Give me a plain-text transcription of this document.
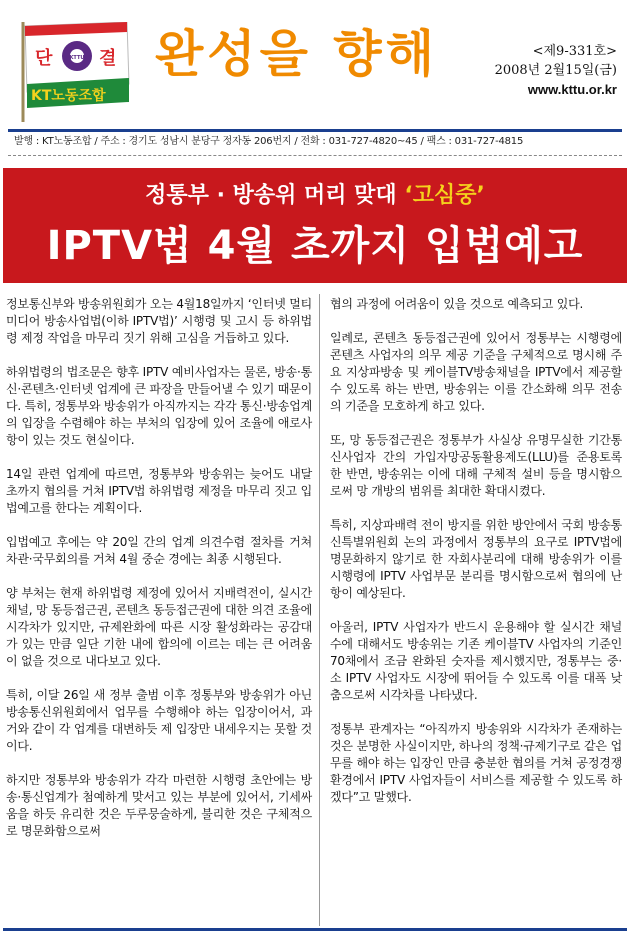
KTTU
단	결
KT노동조합
완성을 향해	<제9-331호>
2008년 2월15일(금)
www.kttu.or.kr
발행 : KT노동조합 / 주소 : 경기도 성남시 분당구 정자동 206번지 / 전화 : 031-727-4820~45 / 팩스 : 031-727-4815
정통부 · 방송위 머리 맞대 ‘고심중’
IPTV법 4월 초까지 입법예고

정보통신부와 방송위원회가 오는 4월18일까지 ‘인터넷 멀티미디어 방송사업법(이하 IPTV법)’ 시행령 및 고시 등 하위법령 제정 작업을 마무리 짓기 위해 고심을 거듭하고 있다.

하위법령의 법조문은 향후 IPTV 예비사업자는 물론, 방송·통신·콘텐츠·인터넷 업계에 큰 파장을 만들어낼 수 있기 때문이다. 특히, 정통부와 방송위가 아직까지는 각각 통신·방송업계의 입장을 수렴해야 하는 부처의 입장에 있어 조율에 애로사항이 있는 것도 현실이다.

14일 관련 업계에 따르면, 정통부와 방송위는 늦어도 내달 초까지 협의를 거쳐 IPTV법 하위법령 제정을 마무리 짓고 입법예고를 한다는 계획이다.

입법예고 후에는 약 20일 간의 업계 의견수렴 절차를 거쳐 차관·국무회의를 거쳐 4월 중순 경에는 최종 시행된다.

양 부처는 현재 하위법령 제정에 있어서 지배력전이, 실시간채널, 망 동등접근권, 콘텐츠 동등접근권에 대한 의견 조율에 시각차가 있지만, 규제완화에 따른 시장 활성화라는 공감대가 있는 만큼 일단 기한 내에 합의에 이르는 데는 큰 어려움이 없을 것으로 내다보고 있다.

특히, 이달 26일 새 정부 출범 이후 정통부와 방송위가 아닌 방송통신위원회에서 업무를 수행해야 하는 입장이어서, 과거와 같이 각 업계를 대변하듯 제 입장만 내세우지는 못할 것이다.

하지만 정통부와 방송위가 각각 마련한 시행령 초안에는 방송·통신업계가 첨예하게 맞서고 있는 부분에 있어서, 기세싸움을 하듯 유리한 것은 두루뭉술하게, 불리한 것은 구체적으로 명문화함으로써

협의 과정에 어려움이 있을 것으로 예측되고 있다.

일례로, 콘텐츠 동등접근권에 있어서 정통부는 시행령에 콘텐츠 사업자의 의무 제공 기준을 구체적으로 명시해 주요 지상파방송 및 케이블TV방송채널을 IPTV에서 제공할 수 있도록 하는 반면, 방송위는 이를 간소화해 의무 전송의 기준을 모호하게 하고 있다.

또, 망 동등접근권은 정통부가 사실상 유명무실한 기간통신사업자 간의 가입자망공동활용제도(LLU)를 준용토록 한 반면, 방송위는 이에 대해 구체적 설비 등을 명시함으로써 망 개방의 범위를 최대한 확대시켰다.

특히, 지상파배력 전이 방지를 위한 방안에서 국회 방송통신특별위원회 논의 과정에서 정통부의 요구로 IPTV법에 명문화하지 않기로 한 자회사분리에 대해 방송위가 이를 시행령에 IPTV 사업부문 분리를 명시함으로써 협의에 난항이 예상된다.

아울러, IPTV 사업자가 반드시 운용해야 할 실시간 채널 수에 대해서도 방송위는 기존 케이블TV 사업자의 기준인 70채에서 조금 완화된 숫자를 제시했지만, 정통부는 중·소 IPTV 사업자도 시장에 뛰어들 수 있도록 이를 대폭 낮춤으로써 시각차를 나타냈다.

정통부 관계자는 “아직까지 방송위와 시각차가 존재하는 것은 분명한 사실이지만, 하나의 정책·규제기구로 같은 업무를 해야 하는 입장인 만큼 충분한 협의를 거쳐 공정경쟁 환경에서 IPTV 사업자들이 서비스를 제공할 수 있도록 하겠다”고 말했다.
